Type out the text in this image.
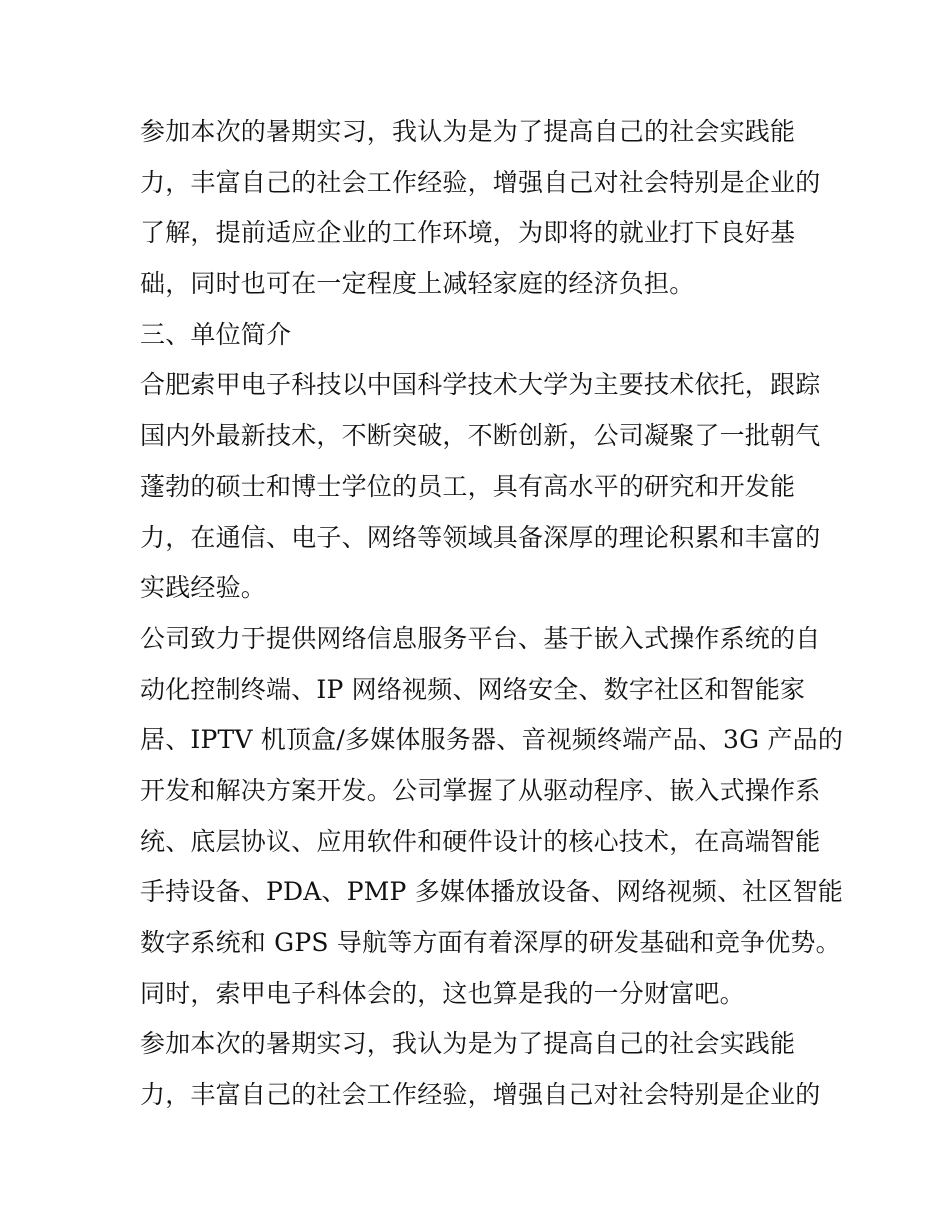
参加本次的暑期实习，我认为是为了提高自己的社会实践能
力，丰富自己的社会工作经验，增强自己对社会特别是企业的
了解，提前适应企业的工作环境，为即将的就业打下良好基
础，同时也可在一定程度上减轻家庭的经济负担。
三、单位简介
合肥索甲电子科技以中国科学技术大学为主要技术依托，跟踪
国内外最新技术，不断突破，不断创新，公司凝聚了一批朝气
蓬勃的硕士和博士学位的员工，具有高水平的研究和开发能
力，在通信、电子、网络等领域具备深厚的理论积累和丰富的
实践经验。
公司致力于提供网络信息服务平台、基于嵌入式操作系统的自
动化控制终端、IP 网络视频、网络安全、数字社区和智能家
居、IPTV 机顶盒/多媒体服务器、音视频终端产品、3G 产品的
开发和解决方案开发。公司掌握了从驱动程序、嵌入式操作系
统、底层协议、应用软件和硬件设计的核心技术，在高端智能
手持设备、PDA、PMP 多媒体播放设备、网络视频、社区智能
数字系统和 GPS 导航等方面有着深厚的研发基础和竞争优势。
同时，索甲电子科体会的，这也算是我的一分财富吧。
参加本次的暑期实习，我认为是为了提高自己的社会实践能
力，丰富自己的社会工作经验，增强自己对社会特别是企业的
